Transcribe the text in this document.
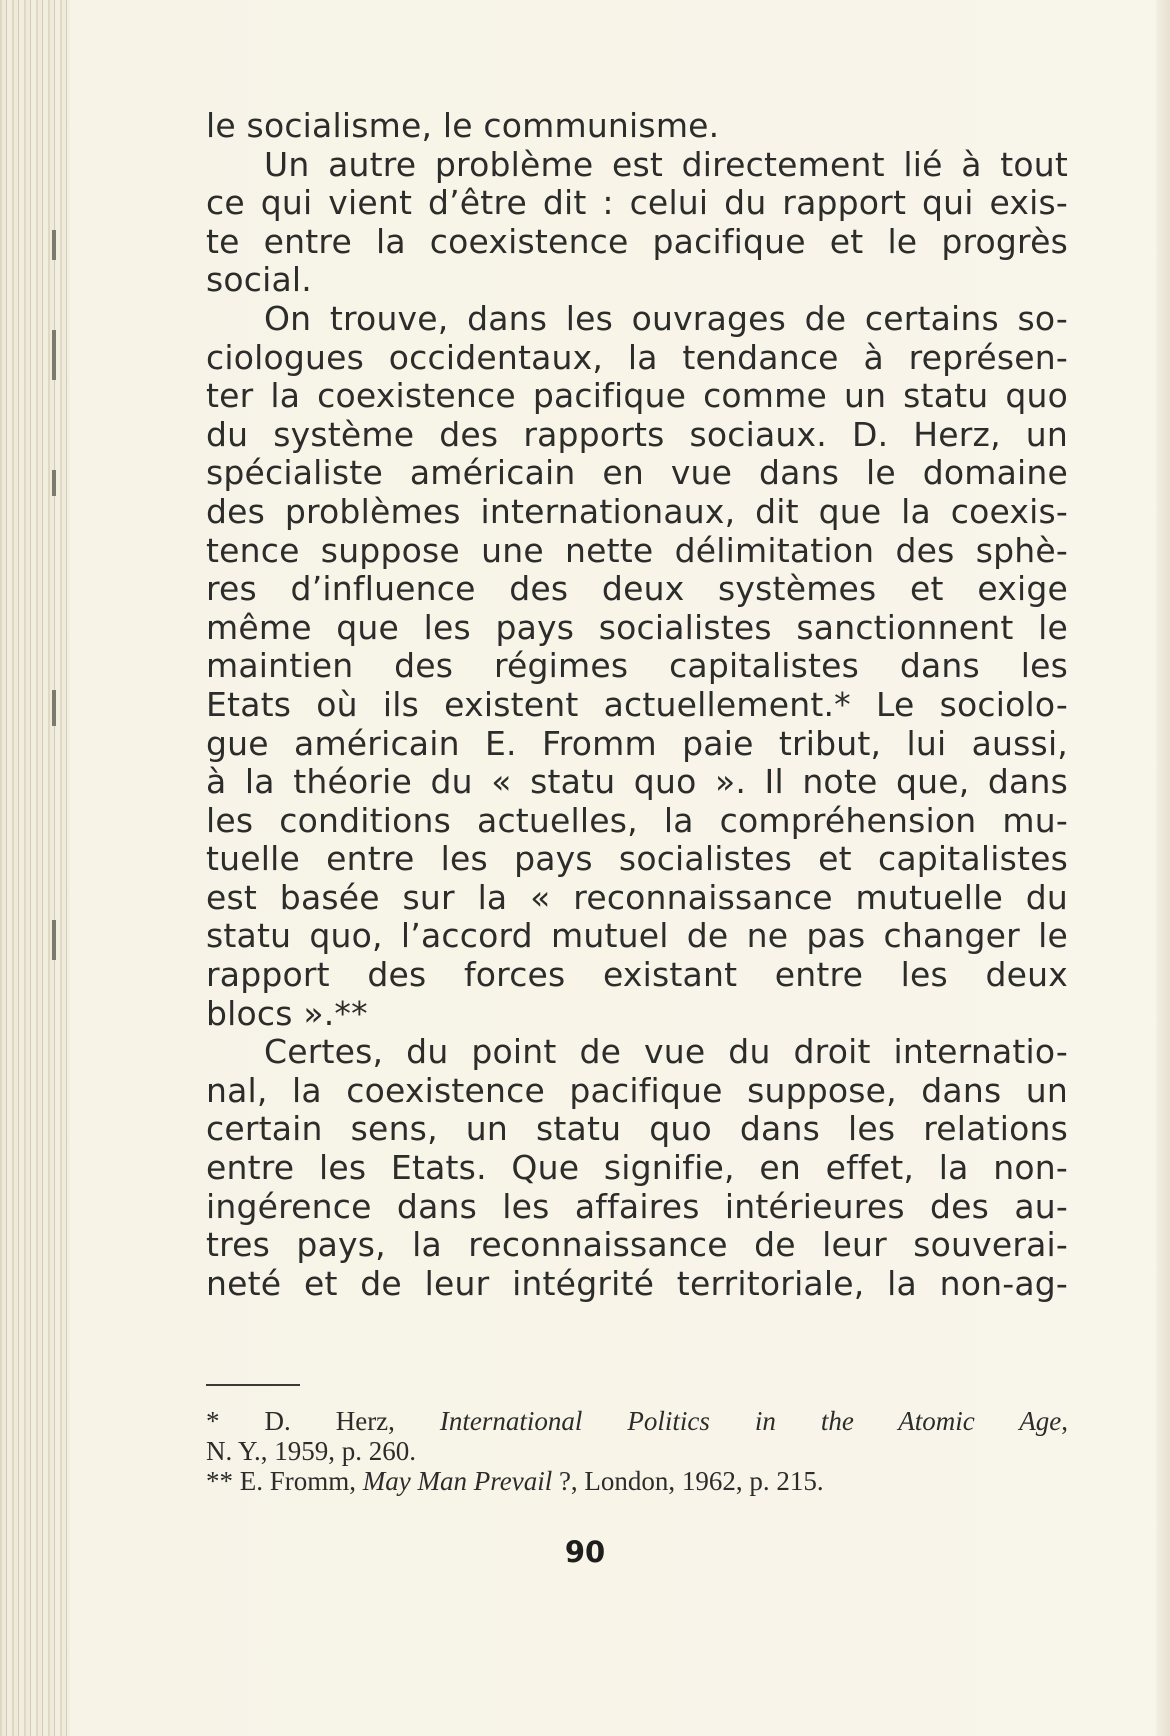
le socialisme, le communisme.
Un autre problème est directement lié à tout
ce qui vient d’être dit : celui du rapport qui exis-
te entre la coexistence pacifique et le progrès
social.
On trouve, dans les ouvrages de certains so-
ciologues occidentaux, la tendance à représen-
ter la coexistence pacifique comme un statu quo
du système des rapports sociaux. D. Herz, un
spécialiste américain en vue dans le domaine
des problèmes internationaux, dit que la coexis-
tence suppose une nette délimitation des sphè-
res d’influence des deux systèmes et exige
même que les pays socialistes sanctionnent le
maintien des régimes capitalistes dans les
Etats où ils existent actuellement.* Le sociolo-
gue américain E. Fromm paie tribut, lui aussi,
à la théorie du « statu quo ». Il note que, dans
les conditions actuelles, la compréhension mu-
tuelle entre les pays socialistes et capitalistes
est basée sur la « reconnaissance mutuelle du
statu quo, l’accord mutuel de ne pas changer le
rapport des forces existant entre les deux
blocs ».**
Certes, du point de vue du droit internatio-
nal, la coexistence pacifique suppose, dans un
certain sens, un statu quo dans les relations
entre les Etats. Que signifie, en effet, la non-
ingérence dans les affaires intérieures des au-
tres pays, la reconnaissance de leur souverai-
neté et de leur intégrité territoriale, la non-ag-
* D. Herz, International Politics in the Atomic Age,
N. Y., 1959, p. 260.
** E. Fromm, May Man Prevail ?, London, 1962, p. 215.
90
